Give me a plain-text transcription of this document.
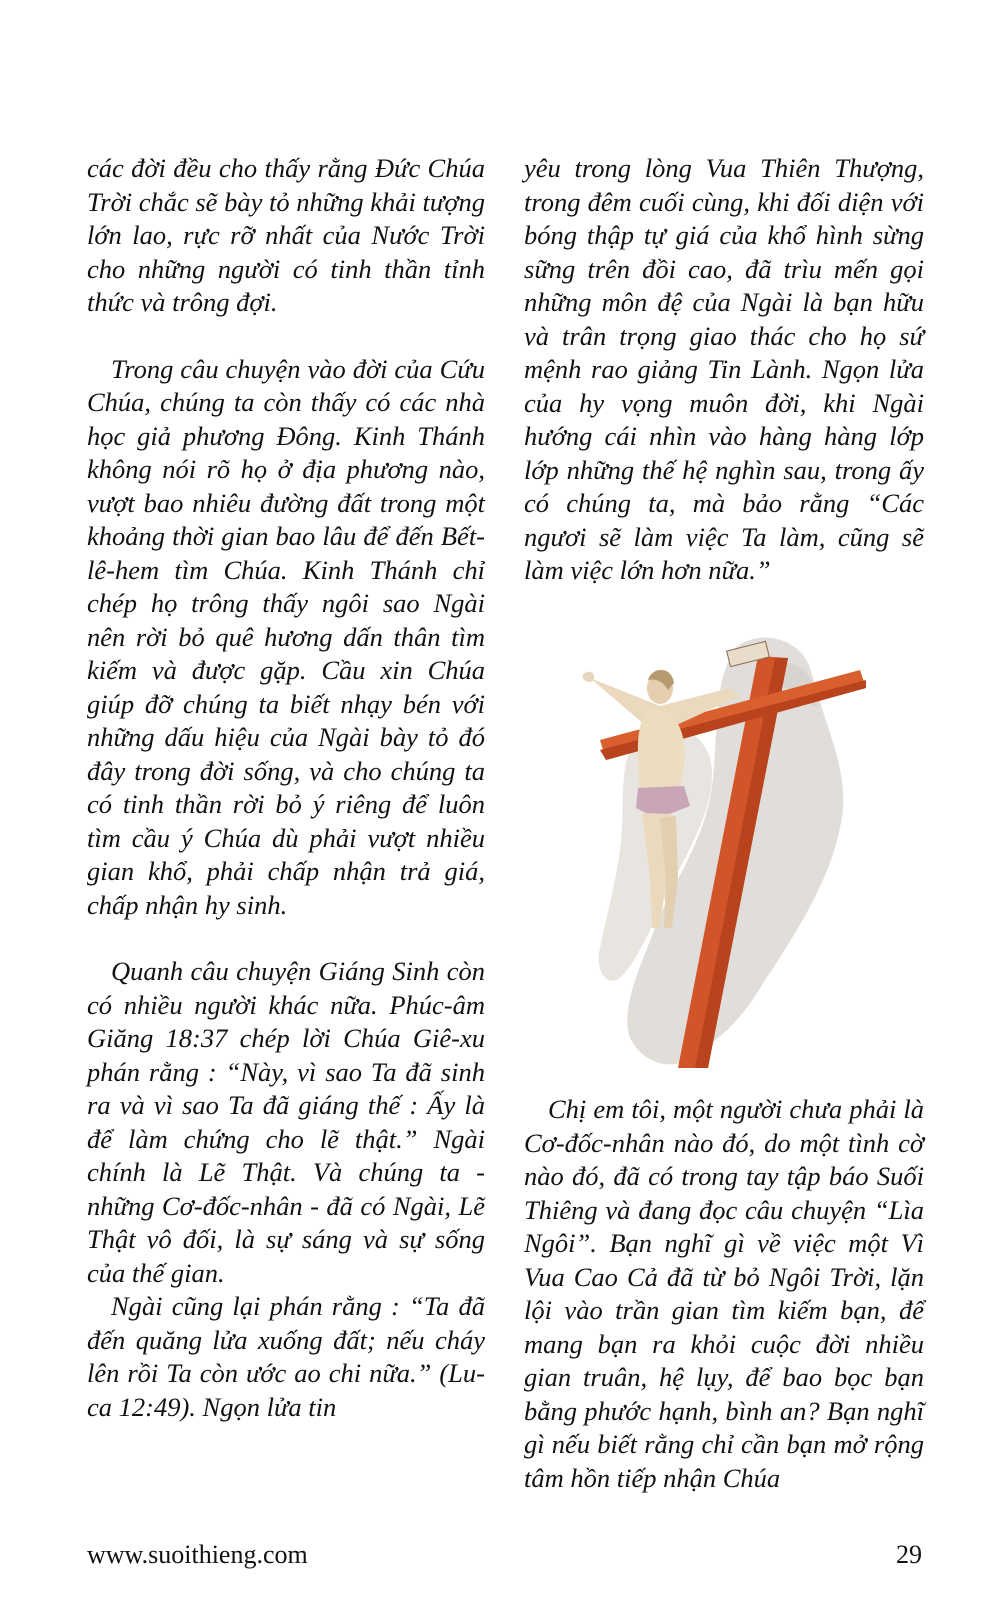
các đời đều cho thấy rằng Đức Chúa Trời chắc sẽ bày tỏ những khải tượng lớn lao, rực rỡ nhất của Nước Trời cho những người có tinh thần tỉnh thức và trông đợi.

Trong câu chuyện vào đời của Cứu Chúa, chúng ta còn thấy có các nhà học giả phương Đông. Kinh Thánh không nói rõ họ ở địa phương nào, vượt bao nhiêu đường đất trong một khoảng thời gian bao lâu để đến Bết-lê-hem tìm Chúa. Kinh Thánh chỉ chép họ trông thấy ngôi sao Ngài nên rời bỏ quê hương dấn thân tìm kiếm và được gặp. Cầu xin Chúa giúp đỡ chúng ta biết nhạy bén với những dấu hiệu của Ngài bày tỏ đó đây trong đời sống, và cho chúng ta có tinh thần rời bỏ ý riêng để luôn tìm cầu ý Chúa dù phải vượt nhiều gian khổ, phải chấp nhận trả giá, chấp nhận hy sinh.

Quanh câu chuyện Giáng Sinh còn có nhiều người khác nữa. Phúc-âm Giăng 18:37 chép lời Chúa Giê-xu phán rằng : “Này, vì sao Ta đã sinh ra và vì sao Ta đã giáng thế : Ấy là để làm chứng cho lẽ thật.” Ngài chính là Lẽ Thật. Và chúng ta - những Cơ-đốc-nhân - đã có Ngài, Lẽ Thật vô đối, là sự sáng và sự sống của thế gian.

Ngài cũng lại phán rằng : “Ta đã đến quăng lửa xuống đất; nếu cháy lên rồi Ta còn ước ao chi nữa.” (Lu-ca 12:49). Ngọn lửa tin

yêu trong lòng Vua Thiên Thượng, trong đêm cuối cùng, khi đối diện với bóng thập tự giá của khổ hình sừng sững trên đồi cao, đã trìu mến gọi những môn đệ của Ngài là bạn hữu và trân trọng giao thác cho họ sứ mệnh rao giảng Tin Lành. Ngọn lửa của hy vọng muôn đời, khi Ngài hướng cái nhìn vào hàng hàng lớp lớp những thế hệ nghìn sau, trong ấy có chúng ta, mà bảo rằng “Các ngươi sẽ làm việc Ta làm, cũng sẽ làm việc lớn hơn nữa.”

Chị em tôi, một người chưa phải là Cơ-đốc-nhân nào đó, do một tình cờ nào đó, đã có trong tay tập báo Suối Thiêng và đang đọc câu chuyện “Lìa Ngôi”. Bạn nghĩ gì về việc một Vì Vua Cao Cả đã từ bỏ Ngôi Trời, lặn lội vào trần gian tìm kiếm bạn, để mang bạn ra khỏi cuộc đời nhiều gian truân, hệ lụy, để bao bọc bạn bằng phước hạnh, bình an? Bạn nghĩ gì nếu biết rằng chỉ cần bạn mở rộng tâm hồn tiếp nhận Chúa

www.suoithieng.com	29
